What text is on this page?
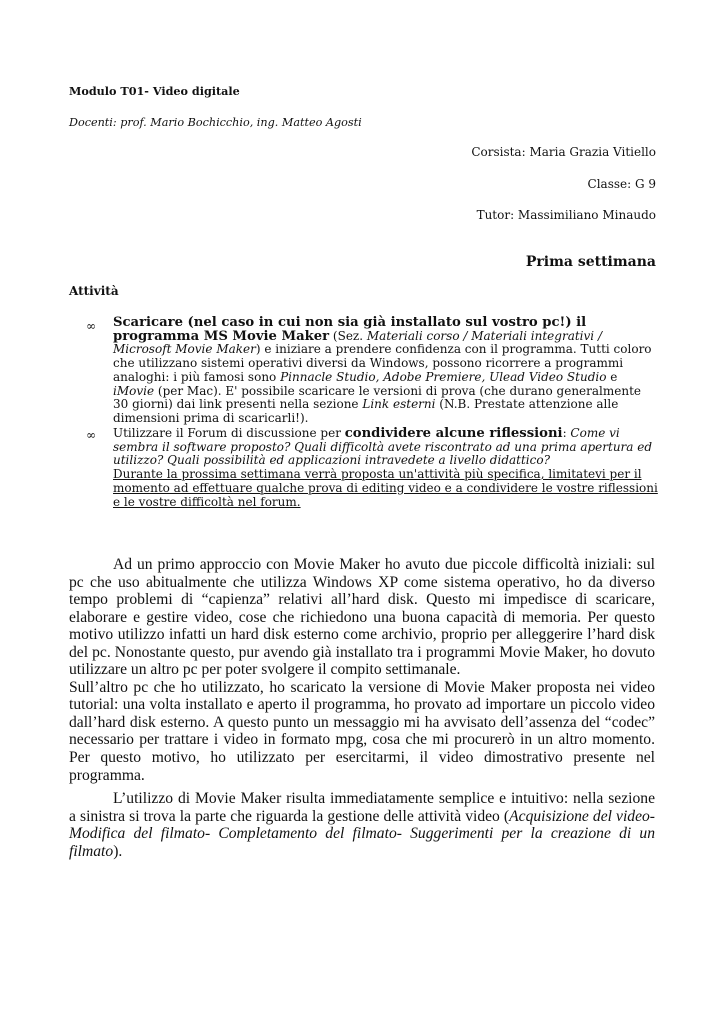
Modulo T01- Video digitale
Docenti: prof. Mario Bochicchio, ing. Matteo Agosti
Corsista: Maria Grazia Vitiello
Classe: G 9
Tutor: Massimiliano Minaudo
Prima settimana
Attività
∞ Scaricare (nel caso in cui non sia già installato sul vostro pc!) il programma MS Movie Maker (Sez. Materiali corso / Materiali integrativi / Microsoft Movie Maker) e iniziare a prendere confidenza con il programma. Tutti coloro che utilizzano sistemi operativi diversi da Windows, possono ricorrere a programmi analoghi: i più famosi sono Pinnacle Studio, Adobe Premiere, Ulead Video Studio e iMovie (per Mac). E' possibile scaricare le versioni di prova (che durano generalmente 30 giorni) dai link presenti nella sezione Link esterni (N.B. Prestate attenzione alle dimensioni prima di scaricarli!).
∞ Utilizzare il Forum di discussione per condividere alcune riflessioni: Come vi sembra il software proposto? Quali difficoltà avete riscontrato ad una prima apertura ed utilizzo? Quali possibilità ed applicazioni intravedete a livello didattico?
Durante la prossima settimana verrà proposta un'attività più specifica, limitatevi per il momento ad effettuare qualche prova di editing video e a condividere le vostre riflessioni e le vostre difficoltà nel forum.
Ad un primo approccio con Movie Maker ho avuto due piccole difficoltà iniziali: sul pc che uso abitualmente che utilizza Windows XP come sistema operativo, ho da diverso tempo problemi di “capienza” relativi all’hard disk. Questo mi impedisce di scaricare, elaborare e gestire video, cose che richiedono una buona capacità di memoria. Per questo motivo utilizzo infatti un hard disk esterno come archivio, proprio per alleggerire l’hard disk del pc. Nonostante questo, pur avendo già installato tra i programmi Movie Maker, ho dovuto utilizzare un altro pc per poter svolgere il compito settimanale.
Sull’altro pc che ho utilizzato, ho scaricato la versione di Movie Maker proposta nei video tutorial: una volta installato e aperto il programma, ho provato ad importare un piccolo video dall’hard disk esterno. A questo punto un messaggio mi ha avvisato dell’assenza del “codec” necessario per trattare i video in formato mpg, cosa che mi procurerò in un altro momento. Per questo motivo, ho utilizzato per esercitarmi, il video dimostrativo presente nel programma.
L’utilizzo di Movie Maker risulta immediatamente semplice e intuitivo: nella sezione a sinistra si trova la parte che riguarda la gestione delle attività video (Acquisizione del video- Modifica del filmato- Completamento del filmato- Suggerimenti per la creazione di un filmato).
